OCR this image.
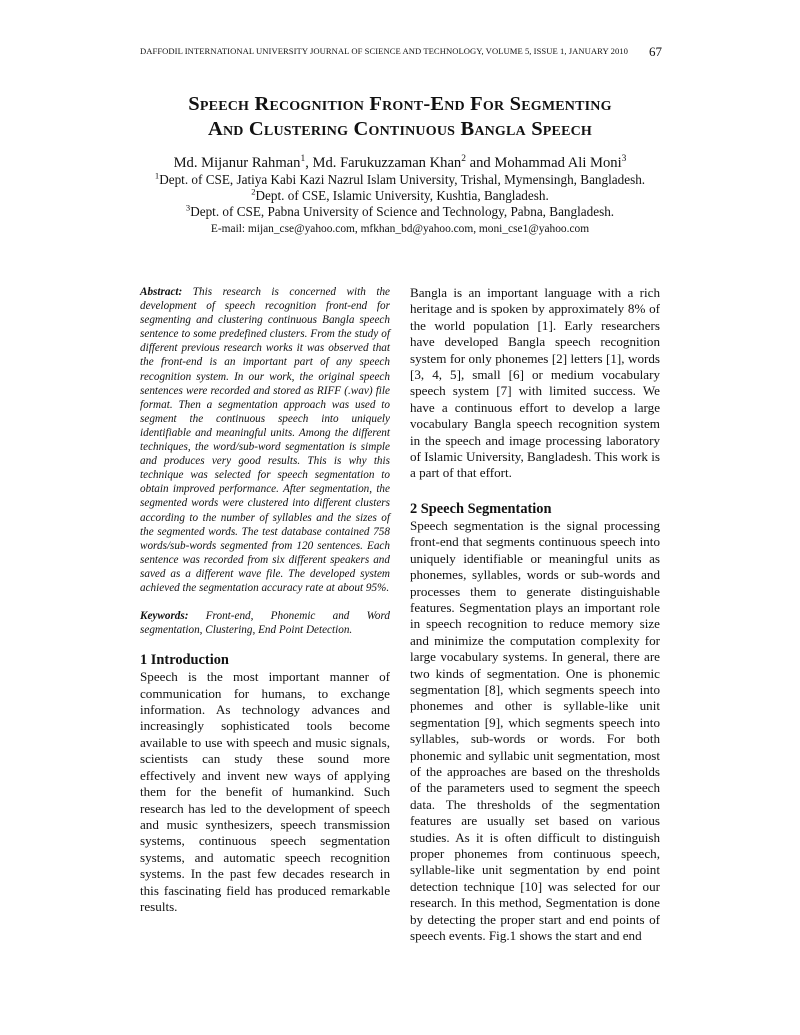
DAFFODIL INTERNATIONAL UNIVERSITY JOURNAL OF SCIENCE AND TECHNOLOGY, VOLUME 5, ISSUE 1, JANUARY 2010 67
Speech Recognition Front-End For Segmenting
And Clustering Continuous Bangla Speech
Md. Mijanur Rahman$^1$, Md. Farukuzzaman Khan$^2$ and Mohammad Ali Moni$^3$
$^1$Dept. of CSE, Jatiya Kabi Kazi Nazrul Islam University, Trishal, Mymensingh, Bangladesh.
$^2$Dept. of CSE, Islamic University, Kushtia, Bangladesh.
$^3$Dept. of CSE, Pabna University of Science and Technology, Pabna, Bangladesh.
E-mail: mijan_cse@yahoo.com, mfkhan_bd@yahoo.com, moni_cse1@yahoo.com

Abstract: This research is concerned with the development of speech recognition front-end for segmenting and clustering continuous Bangla speech sentence to some predefined clusters. From the study of different previous research works it was observed that the front-end is an important part of any speech recognition system. In our work, the original speech sentences were recorded and stored as RIFF (.wav) file format. Then a segmentation approach was used to segment the continuous speech into uniquely identifiable and meaningful units. Among the different techniques, the word/sub-word segmentation is simple and produces very good results. This is why this technique was selected for speech segmentation to obtain improved performance. After segmentation, the segmented words were clustered into different clusters according to the number of syllables and the sizes of the segmented words. The test database contained 758 words/sub-words segmented from 120 sentences. Each sentence was recorded from six different speakers and saved as a different wave file. The developed system achieved the segmentation accuracy rate at about 95%.

Keywords: Front-end, Phonemic and Word segmentation, Clustering, End Point Detection.

1 Introduction

Speech is the most important manner of communication for humans, to exchange information. As technology advances and increasingly sophisticated tools become available to use with speech and music signals, scientists can study these sound more effectively and invent new ways of applying them for the benefit of humankind. Such research has led to the development of speech and music synthesizers, speech transmission systems, continuous speech segmentation systems, and automatic speech recognition systems. In the past few decades research in this fascinating field has produced remarkable results.

Bangla is an important language with a rich heritage and is spoken by approximately 8% of the world population [1]. Early researchers have developed Bangla speech recognition system for only phonemes [2] letters [1], words [3, 4, 5], small [6] or medium vocabulary speech system [7] with limited success. We have a continuous effort to develop a large vocabulary Bangla speech recognition system in the speech and image processing laboratory of Islamic University, Bangladesh. This work is a part of that effort.

2 Speech Segmentation

Speech segmentation is the signal processing front-end that segments continuous speech into uniquely identifiable or meaningful units as phonemes, syllables, words or sub-words and processes them to generate distinguishable features. Segmentation plays an important role in speech recognition to reduce memory size and minimize the computation complexity for large vocabulary systems. In general, there are two kinds of segmentation. One is phonemic segmentation [8], which segments speech into phonemes and other is syllable-like unit segmentation [9], which segments speech into syllables, sub-words or words. For both phonemic and syllabic unit segmentation, most of the approaches are based on the thresholds of the parameters used to segment the speech data. The thresholds of the segmentation features are usually set based on various studies. As it is often difficult to distinguish proper phonemes from continuous speech, syllable-like unit segmentation by end point detection technique [10] was selected for our research. In this method, Segmentation is done by detecting the proper start and end points of speech events. Fig.1 shows the start and end
